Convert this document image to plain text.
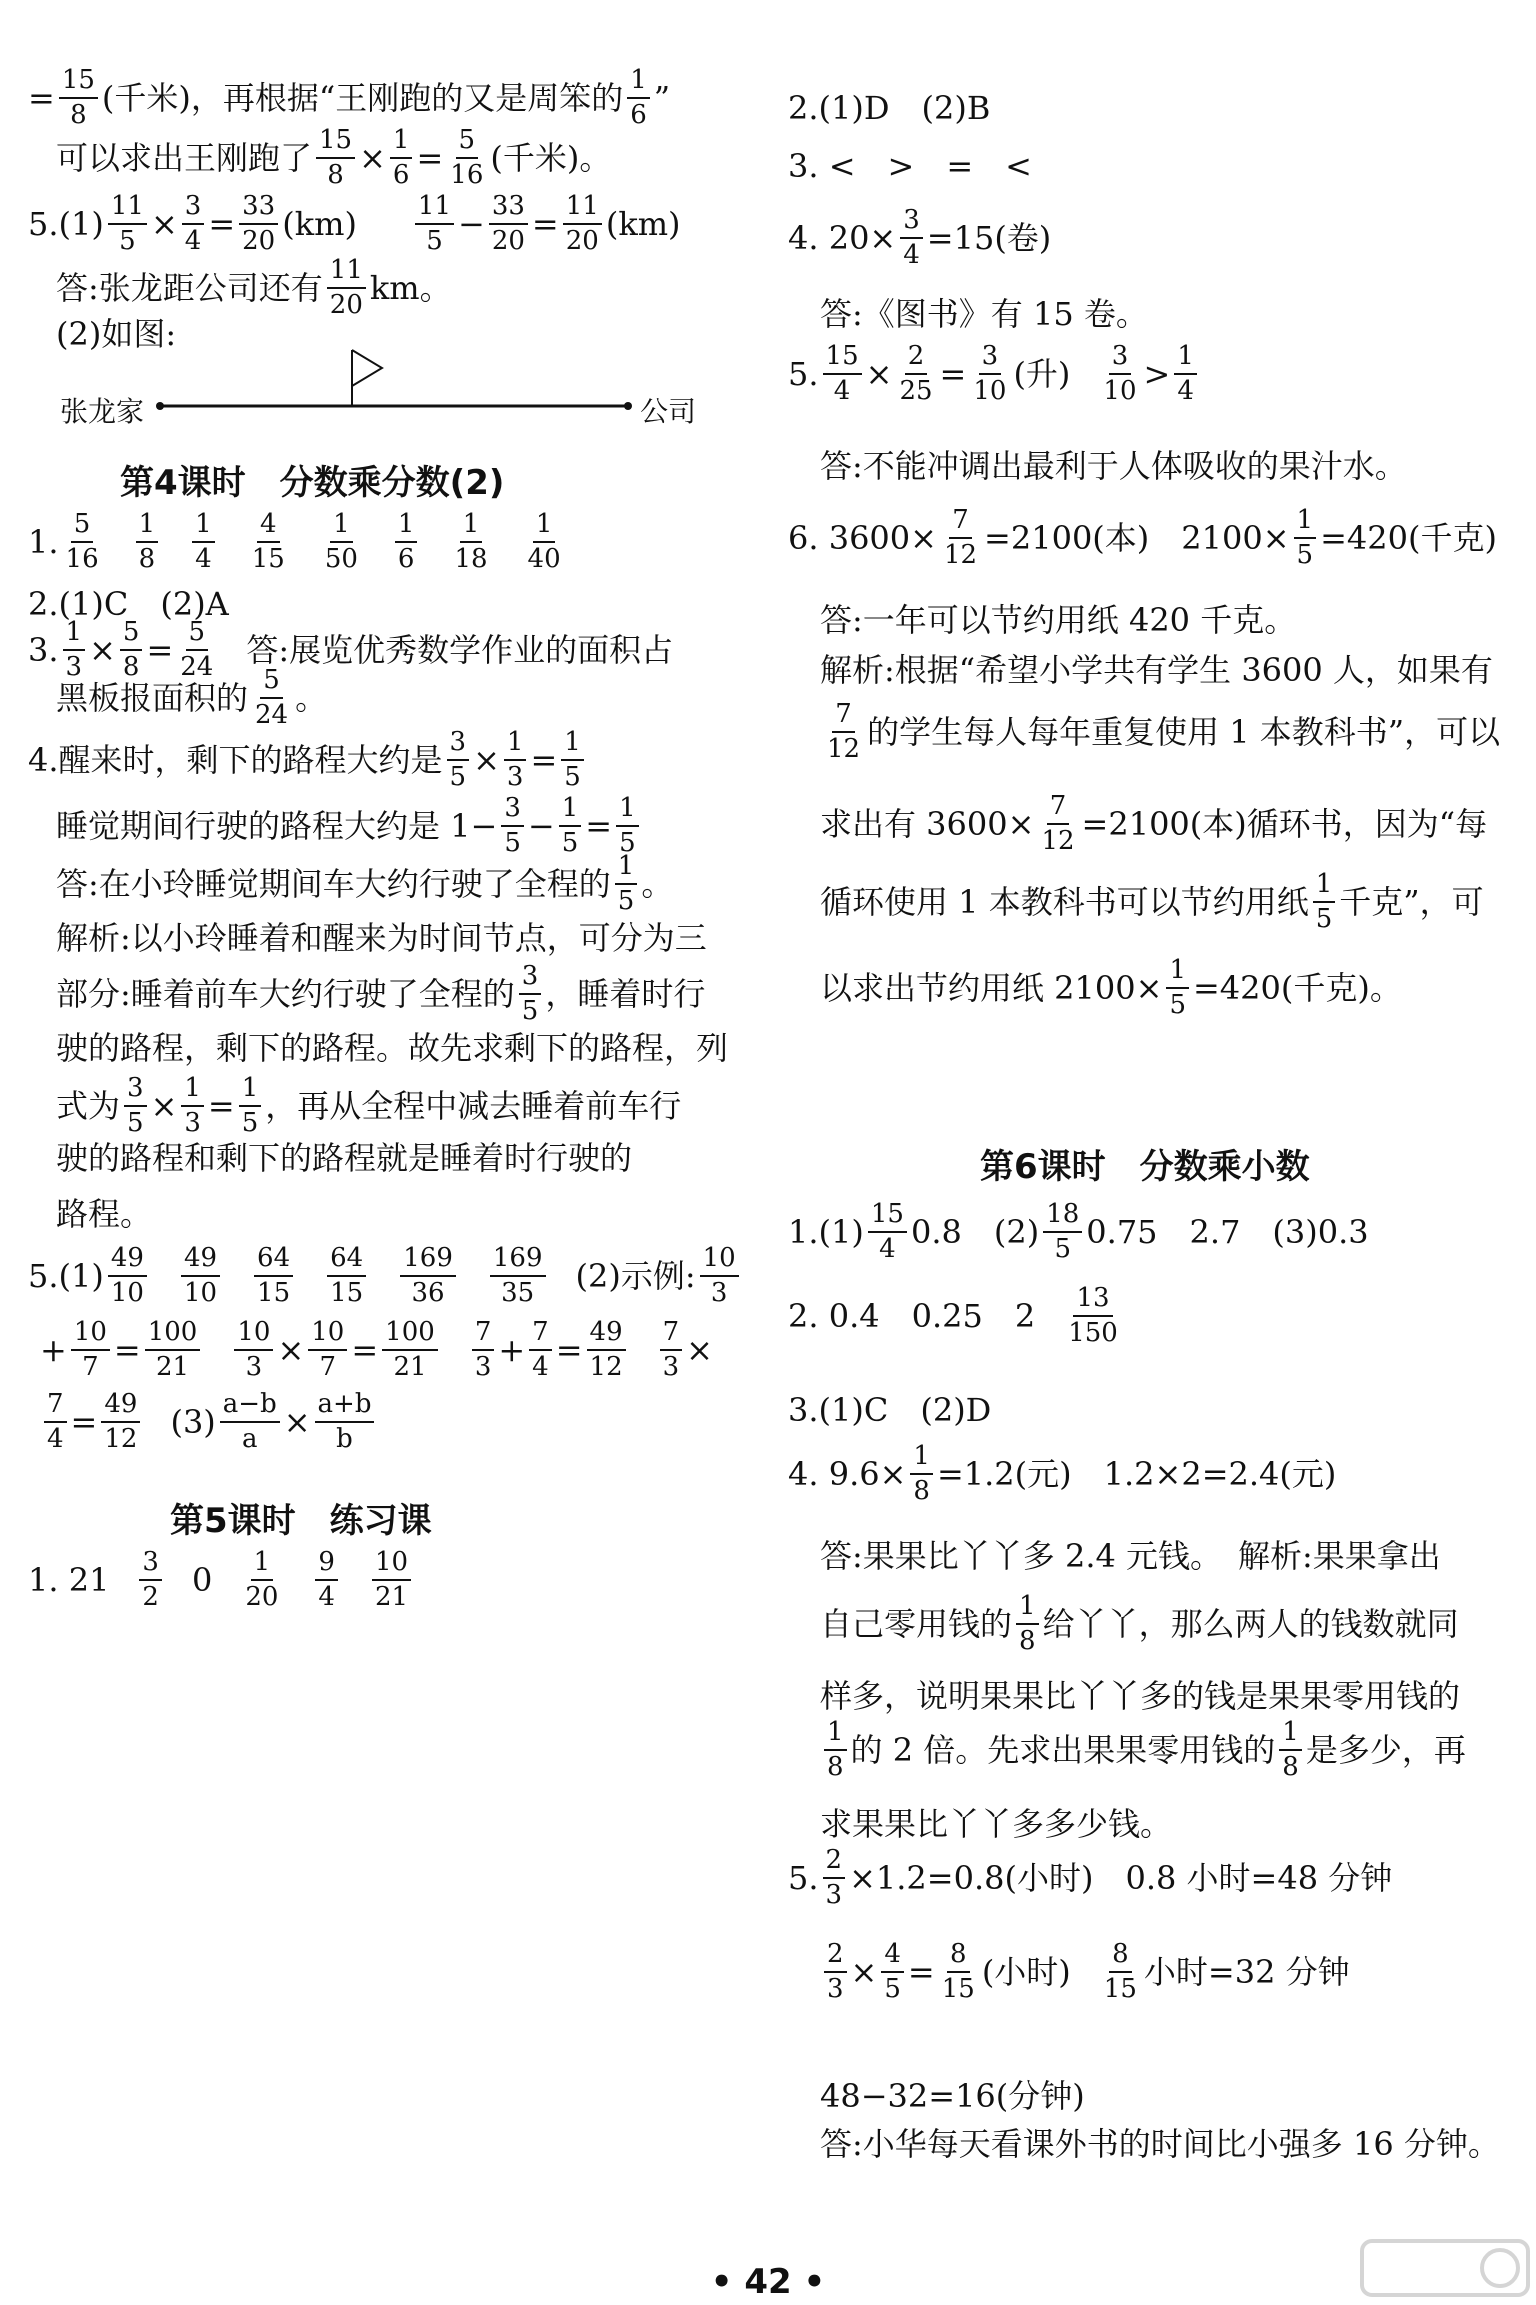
= $\frac{15}{8}$ (千米)，再根据“王刚跑的又是周笨的 1
6 ”
可以求出王刚跑了 15
8 × 1
6 = 5
16 (千米)。
5.(1) 11
5 × 3
4 = 33
20 (km) 11
5 − 33
20 = 11
20 (km)
答:张龙距公司还有 11
20 km。
(2)如图:
张龙家	公司
第4课时　分数乘分数(2)
1. 5
16
1
8
1
4
4
15
1
50
1
6
1
18
1
40
2.(1)C　(2)A
3. 1
3 × 5
8 = 5
24 答:展览优秀数学作业的面积占
黑板报面积的 5
24 。
4.醒来时，剩下的路程大约是 3
5 × 1
3 = 1
5
睡觉期间行驶的路程大约是 $1- \frac{3}{5} - 1$
5 = 1
5
答:在小玲睡觉期间车大约行驶了全程的 1
5 。
解析:以小玲睡着和醒来为时间节点，可分为三
部分:睡着前车大约行驶了全程的 3
5 ，睡着时行
驶的路程，剩下的路程。故先求剩下的路程，列
式为 3
5 × 1
3 = 1
5 ，再从全程中减去睡着前车行
驶的路程和剩下的路程就是睡着时行驶的
路程。
5.(1) 49
10
49
10
64
15
64
15
169
36
169
35 (2)示例: 10
3
+ 10
7 = 100
21
10
3 × 10
7 = 100
21
7
3 + 7
4 = 49
12
7
3 ×
7
4 = 49
12 (3) a−b
a × a+b
b
第5课时　练习课
1. 21 3
2 0 1
20
9
4
10
21
2.(1)D　(2)B
3. <　>　=　<
4. $20\times \frac{3}{4} =15$(卷)
答:《图书》有 15 卷。
5. 15
4 × 2
25 = 3
10 (升) 3
10 > 1
4
答:不能冲调出最利于人体吸收的果汁水。
6. $3600\times \frac{7}{12} =2100$(本)　$2100\times \frac{1}{5} =420$(千克)
答:一年可以节约用纸 420 千克。
解析:根据“希望小学共有学生 3600 人，如果有
7
12 的学生每人每年重复使用 1 本教科书”，可以
求出有 $3600\times \frac{7}{12} =2100$(本)循环书，因为“每
循环使用 1 本教科书可以节约用纸 1
5 千克”，可
以求出节约用纸 $2100\times \frac{1}{5} =420$(千克)。
第6课时　分数乘小数
1.(1) 15
4 0.8　(2) 18
5 0.75　2.7　(3)0.3
2. 0.4　0.25　2 13
150
3.(1)C　(2)D
4. $9.6\times \frac{1}{8} =1.2$(元)　1.2×2=2.4(元)
答:果果比丫丫多 2.4 元钱。　解析:果果拿出
自己零用钱的 1
8 给丫丫，那么两人的钱数就同
样多，说明果果比丫丫多的钱是果果零用钱的
1
8 的 2 倍。先求出果果零用钱的 1
8 是多少，再
求果果比丫丫多多少钱。
5. $\frac{2}{3} \times 1.2=0.8$(小时)　0.8 小时=48 分钟
2
3 × 4
5 = 8
15 (小时) 8
15 小时=32 分钟
48−32=16(分钟)
答:小华每天看课外书的时间比小强多 16 分钟。
• 42 •
